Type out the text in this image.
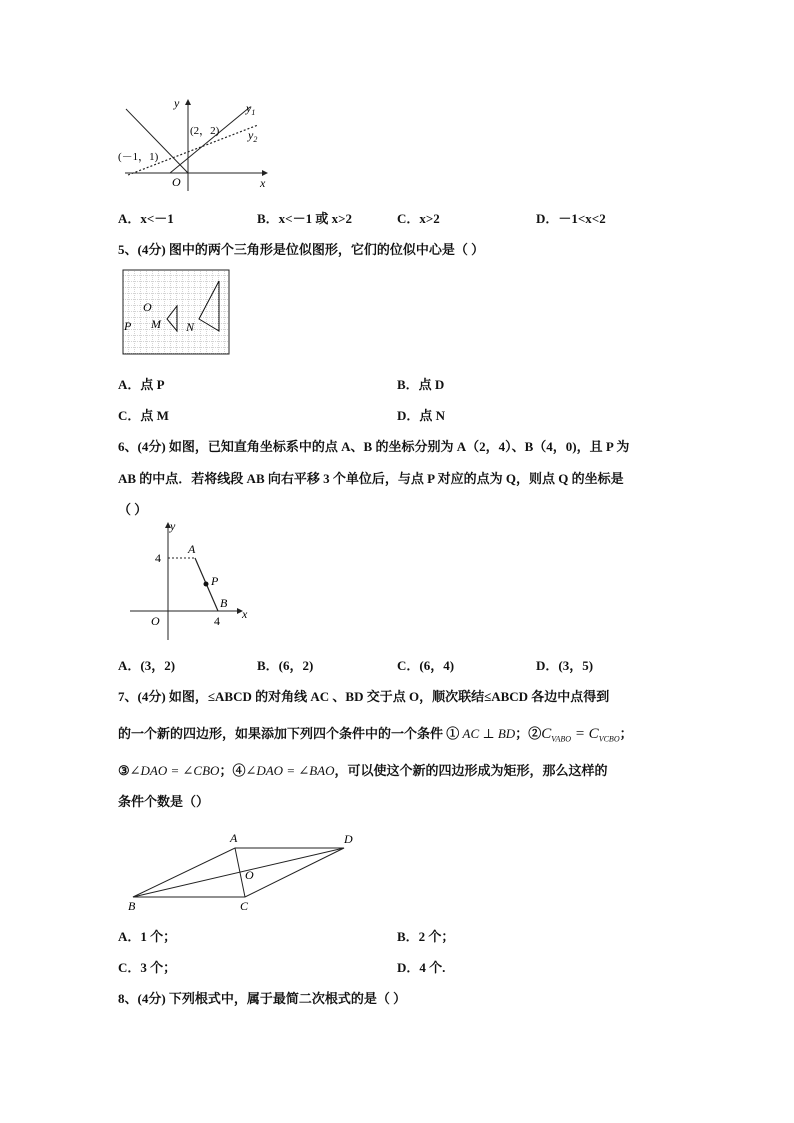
y
x
O
$y_1$
$y_2$
(2，2)
(－1，1)
A．x<－1	B．x<－1 或 x>2	C．x>2	D．－1<x<2
5、(4分) 图中的两个三角形是位似图形，它们的位似中心是（ ）
O
P M N
A．点 P	B．点 D
C．点 M	D．点 N
6、(4分) 如图，已知直角坐标系中的点 A、B 的坐标分别为 A（2，4）、B（4，0)，且 P 为
AB 的中点．若将线段 AB 向右平移 3 个单位后，与点 P 对应的点为 Q，则点 Q 的坐标是
（ ）
y
x
O
A
P
B
4
4
A．(3，2)	B．(6，2)	C．(6，4)	D．(3，5)
7、(4分) 如图，≤ABCD 的对角线 AC 、BD 交于点 O，顺次联结≤ABCD 各边中点得到
的一个新的四边形，如果添加下列四个条件中的一个条件 ① AC ⊥ BD；$②C_{VABO} = C_{VCBO}$；
③∠DAO = ∠CBO；④∠DAO = ∠BAO，可以使这个新的四边形成为矩形，那么这样的
条件个数是（）
A	D
O
B	C
A．1 个；	B．2 个；
C．3 个；	D．4 个.
8、(4分) 下列根式中，属于最简二次根式的是（ ）
